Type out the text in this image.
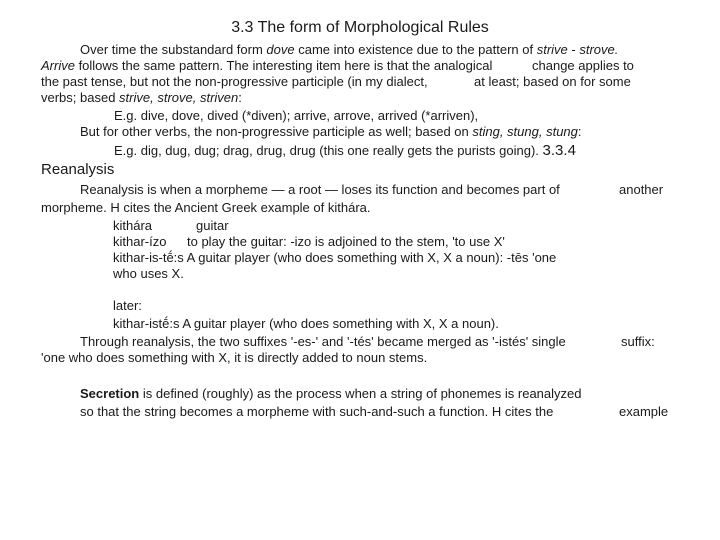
3.3 The form of Morphological Rules
Over time the substandard form dove came into existence due to the pattern of strive - strove.
Arrive follows the same pattern. The interesting item here is that the analogical	change applies to
the past tense, but not the non-progressive participle (in my dialect,	at least; based on for some
verbs; based strive, strove, striven:
E.g. dive, dove, dived (*diven); arrive, arrove, arrived (*arriven),
But for other verbs, the non-progressive participle as well; based on sting, stung, stung:
E.g. dig, dug, dug; drag, drug, drug (this one really gets the purists going). 3.3.4
Reanalysis
Reanalysis is when a morpheme — a root — loses its function and becomes part of	another
morpheme. H cites the Ancient Greek example of kithára.
kithára	guitar
kithar-ízo to play the guitar: -izo is adjoined to the stem, 'to use X'
kithar-is-tḗ:s A guitar player (who does something with X, X a noun): -tēs 'one
who uses X.
later:
kithar-istḗ:s A guitar player (who does something with X, X a noun).
Through reanalysis, the two suffixes '-es-' and '-tés' became merged as '-istés' single	suffix:
'one who does something with X, it is directly added to noun stems.
Secretion is defined (roughly) as the process when a string of phonemes is reanalyzed
so that the string becomes a morpheme with such-and-such a function. H cites the	example
